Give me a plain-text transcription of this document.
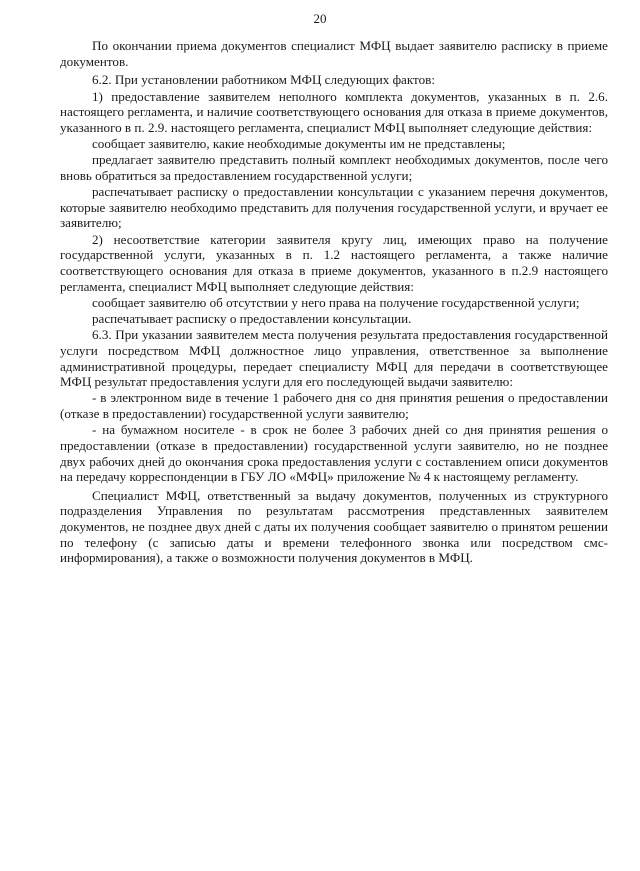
20

По окончании приема документов специалист МФЦ выдает заявителю расписку в приеме документов.

6.2. При установлении работником МФЦ следующих фактов:

1) предоставление заявителем неполного комплекта документов, указанных в п. 2.6. настоящего регламента, и наличие соответствующего основания для отказа в приеме документов, указанного в п. 2.9. настоящего регламента, специалист МФЦ выполняет следующие действия:

сообщает заявителю, какие необходимые документы им не представлены;

предлагает заявителю представить полный комплект необходимых документов, после чего вновь обратиться за предоставлением государственной услуги;

распечатывает расписку о предоставлении консультации с указанием перечня документов, которые заявителю необходимо представить для получения государственной услуги, и вручает ее заявителю;

2) несоответствие категории заявителя кругу лиц, имеющих право на получение государственной услуги, указанных в п. 1.2 настоящего регламента, а также наличие соответствующего основания для отказа в приеме документов, указанного в п.2.9 настоящего регламента, специалист МФЦ выполняет следующие действия:

сообщает заявителю об отсутствии у него права на получение государственной услуги;

распечатывает расписку о предоставлении консультации.

6.3. При указании заявителем места получения результата предоставления государственной услуги посредством МФЦ должностное лицо управления, ответственное за выполнение административной процедуры, передает специалисту МФЦ для передачи в соответствующее МФЦ результат предоставления услуги для его последующей выдачи заявителю:

- в электронном виде в течение 1 рабочего дня со дня принятия решения о предоставлении (отказе в предоставлении) государственной услуги заявителю;

- на бумажном носителе - в срок не более 3 рабочих дней со дня принятия решения о предоставлении (отказе в предоставлении) государственной услуги заявителю, но не позднее двух рабочих дней до окончания срока предоставления услуги с составлением описи документов на передачу корреспонденции в ГБУ ЛО «МФЦ» приложение № 4 к настоящему регламенту.

Специалист МФЦ, ответственный за выдачу документов, полученных из структурного подразделения Управления по результатам рассмотрения представленных заявителем документов, не позднее двух дней с даты их получения сообщает заявителю о принятом решении по телефону (с записью даты и времени телефонного звонка или посредством смс-информирования), а также о возможности получения документов в МФЦ.
